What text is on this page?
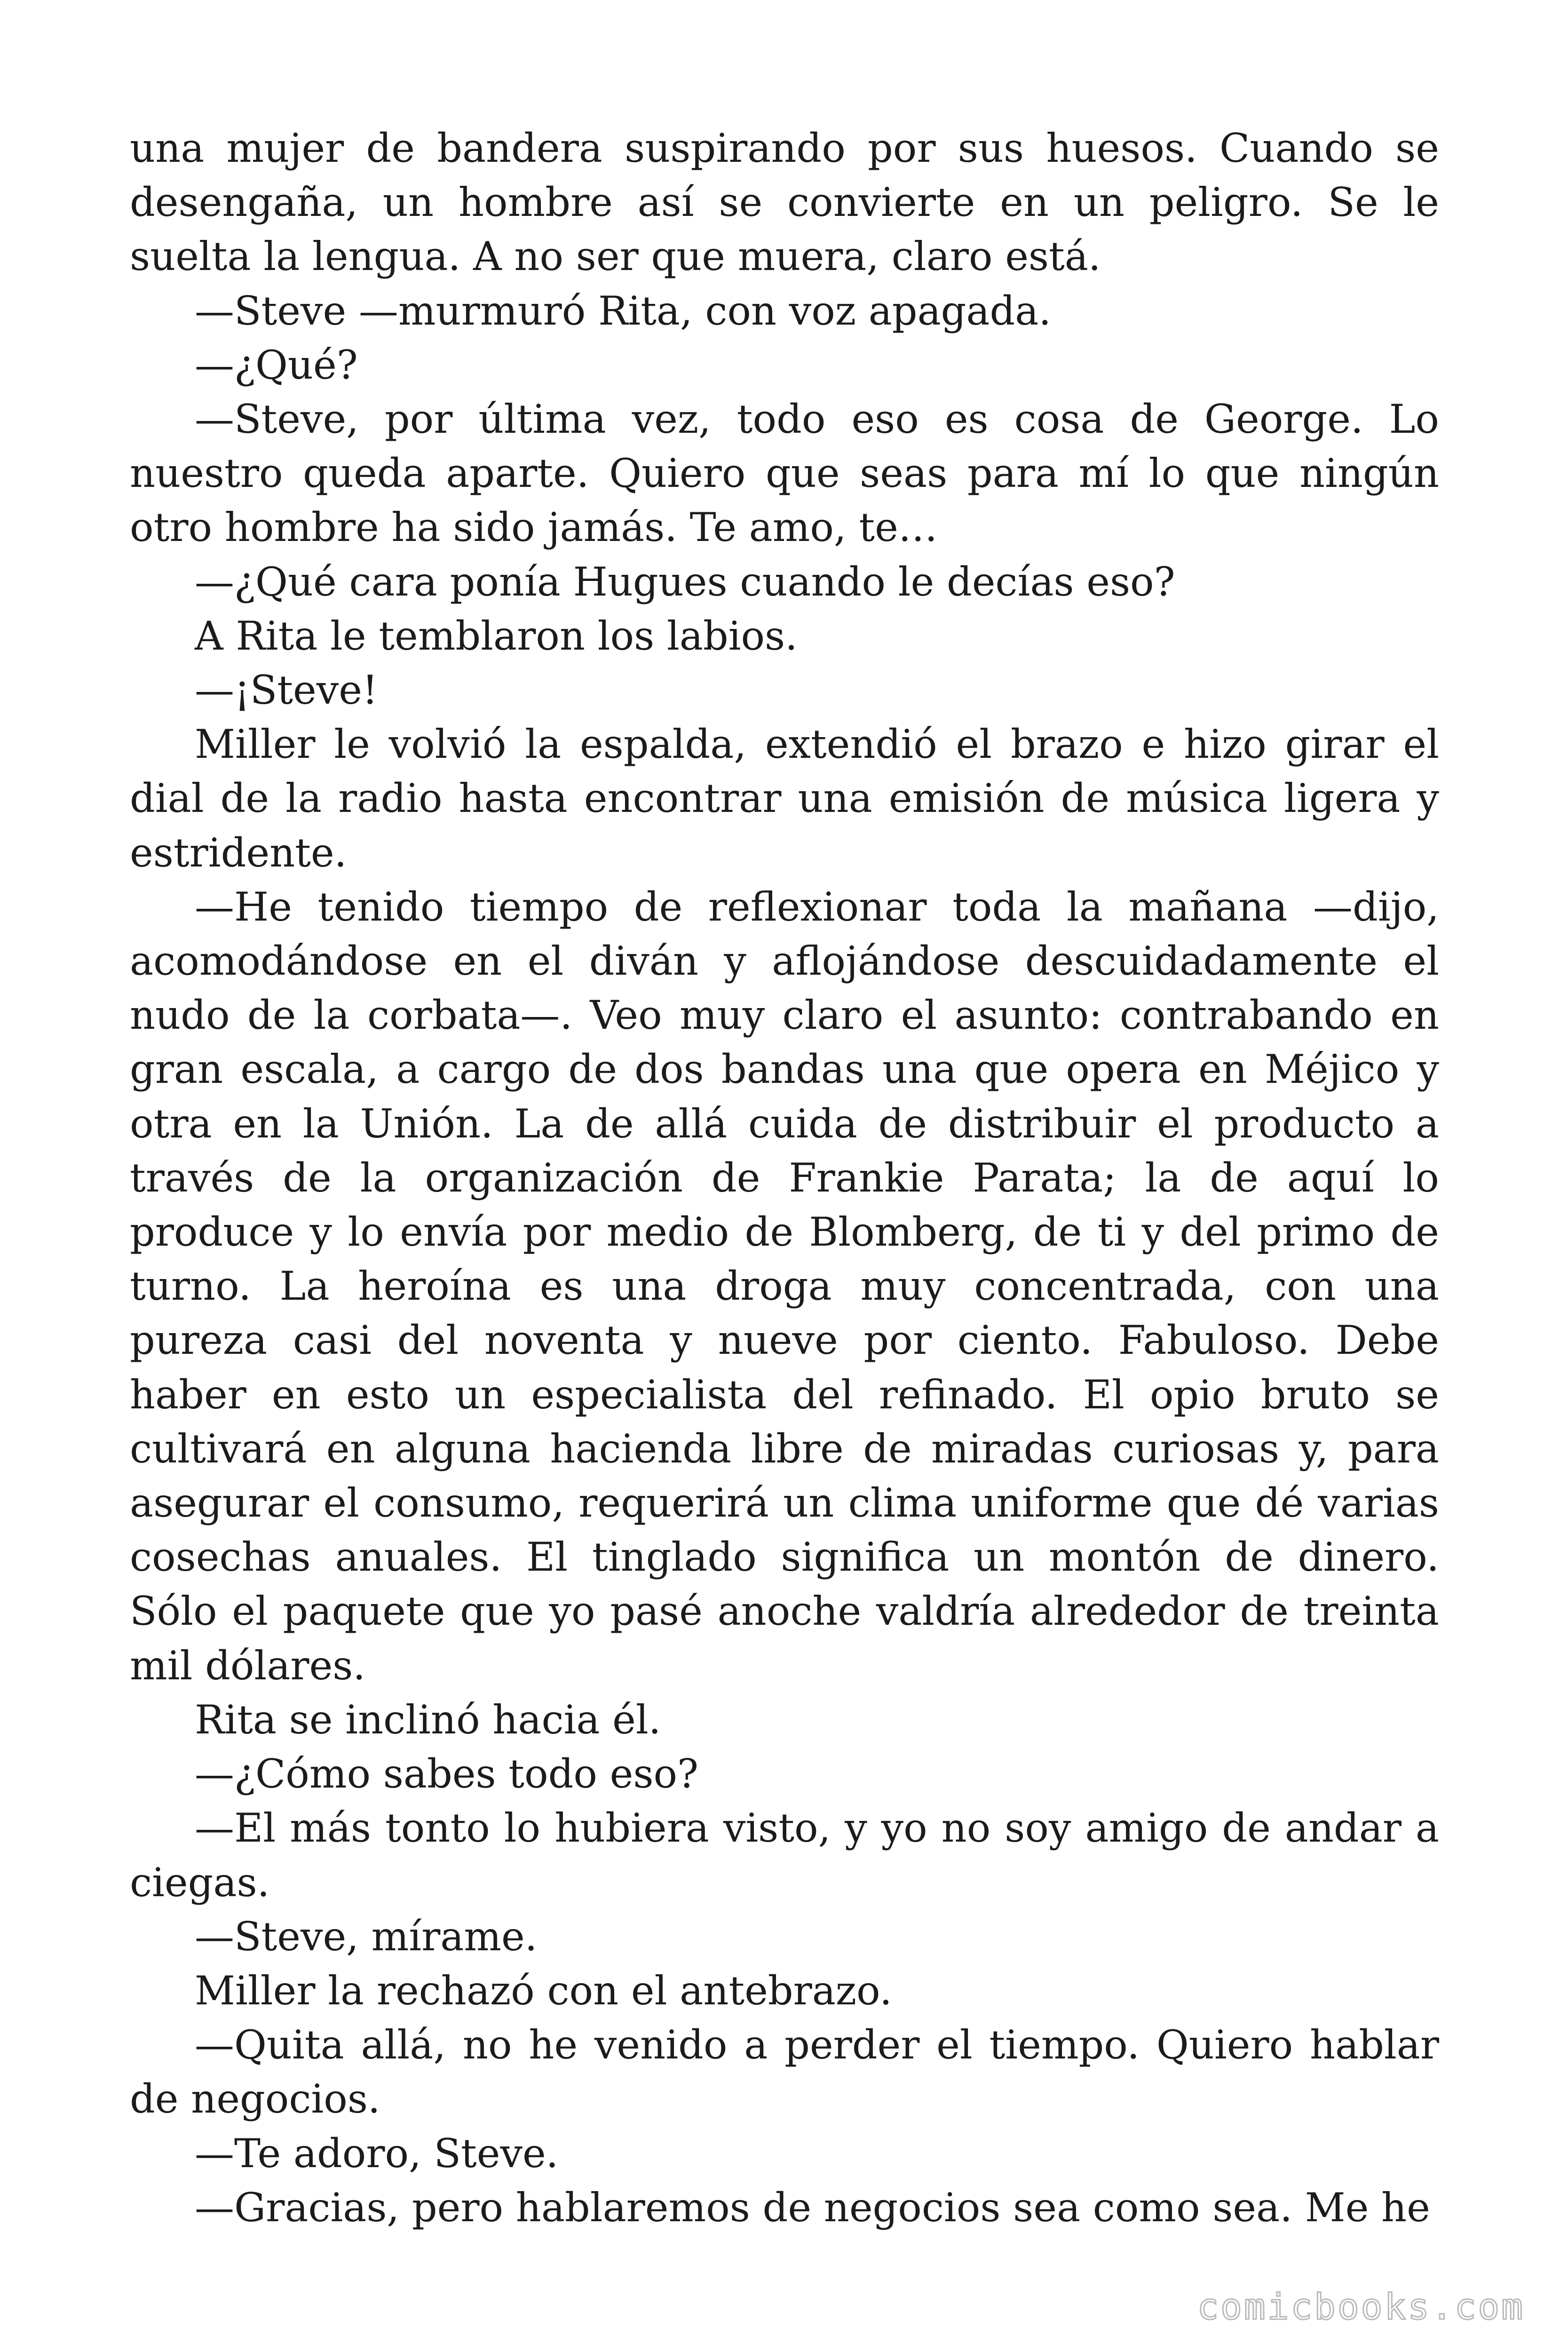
una mujer de bandera suspirando por sus huesos. Cuando se desengaña, un hombre así se convierte en un peligro. Se le suelta la lengua. A no ser que muera, claro está.

—Steve —murmuró Rita, con voz apagada.

—¿Qué?

—Steve, por última vez, todo eso es cosa de George. Lo nuestro queda aparte. Quiero que seas para mí lo que ningún otro hombre ha sido jamás. Te amo, te…

—¿Qué cara ponía Hugues cuando le decías eso?

A Rita le temblaron los labios.

—¡Steve!

Miller le volvió la espalda, extendió el brazo e hizo girar el dial de la radio hasta encontrar una emisión de música ligera y estridente.

—He tenido tiempo de reflexionar toda la mañana —dijo, acomodándose en el diván y aflojándose descuidadamente el nudo de la corbata—. Veo muy claro el asunto: contrabando en gran escala, a cargo de dos bandas una que opera en Méjico y otra en la Unión. La de allá cuida de distribuir el producto a través de la organización de Frankie Parata; la de aquí lo produce y lo envía por medio de Blomberg, de ti y del primo de turno. La heroína es una droga muy concentrada, con una pureza casi del noventa y nueve por ciento. Fabuloso. Debe haber en esto un especialista del refinado. El opio bruto se cultivará en alguna hacienda libre de miradas curiosas y, para asegurar el consumo, requerirá un clima uniforme que dé varias cosechas anuales. El tinglado significa un montón de dinero. Sólo el paquete que yo pasé anoche valdría alrededor de treinta mil dólares.

Rita se inclinó hacia él.

—¿Cómo sabes todo eso?

—El más tonto lo hubiera visto, y yo no soy amigo de andar a ciegas.

—Steve, mírame.

Miller la rechazó con el antebrazo.

—Quita allá, no he venido a perder el tiempo. Quiero hablar de negocios.

—Te adoro, Steve.

—Gracias, pero hablaremos de negocios sea como sea. Me he

comicbooks.com
